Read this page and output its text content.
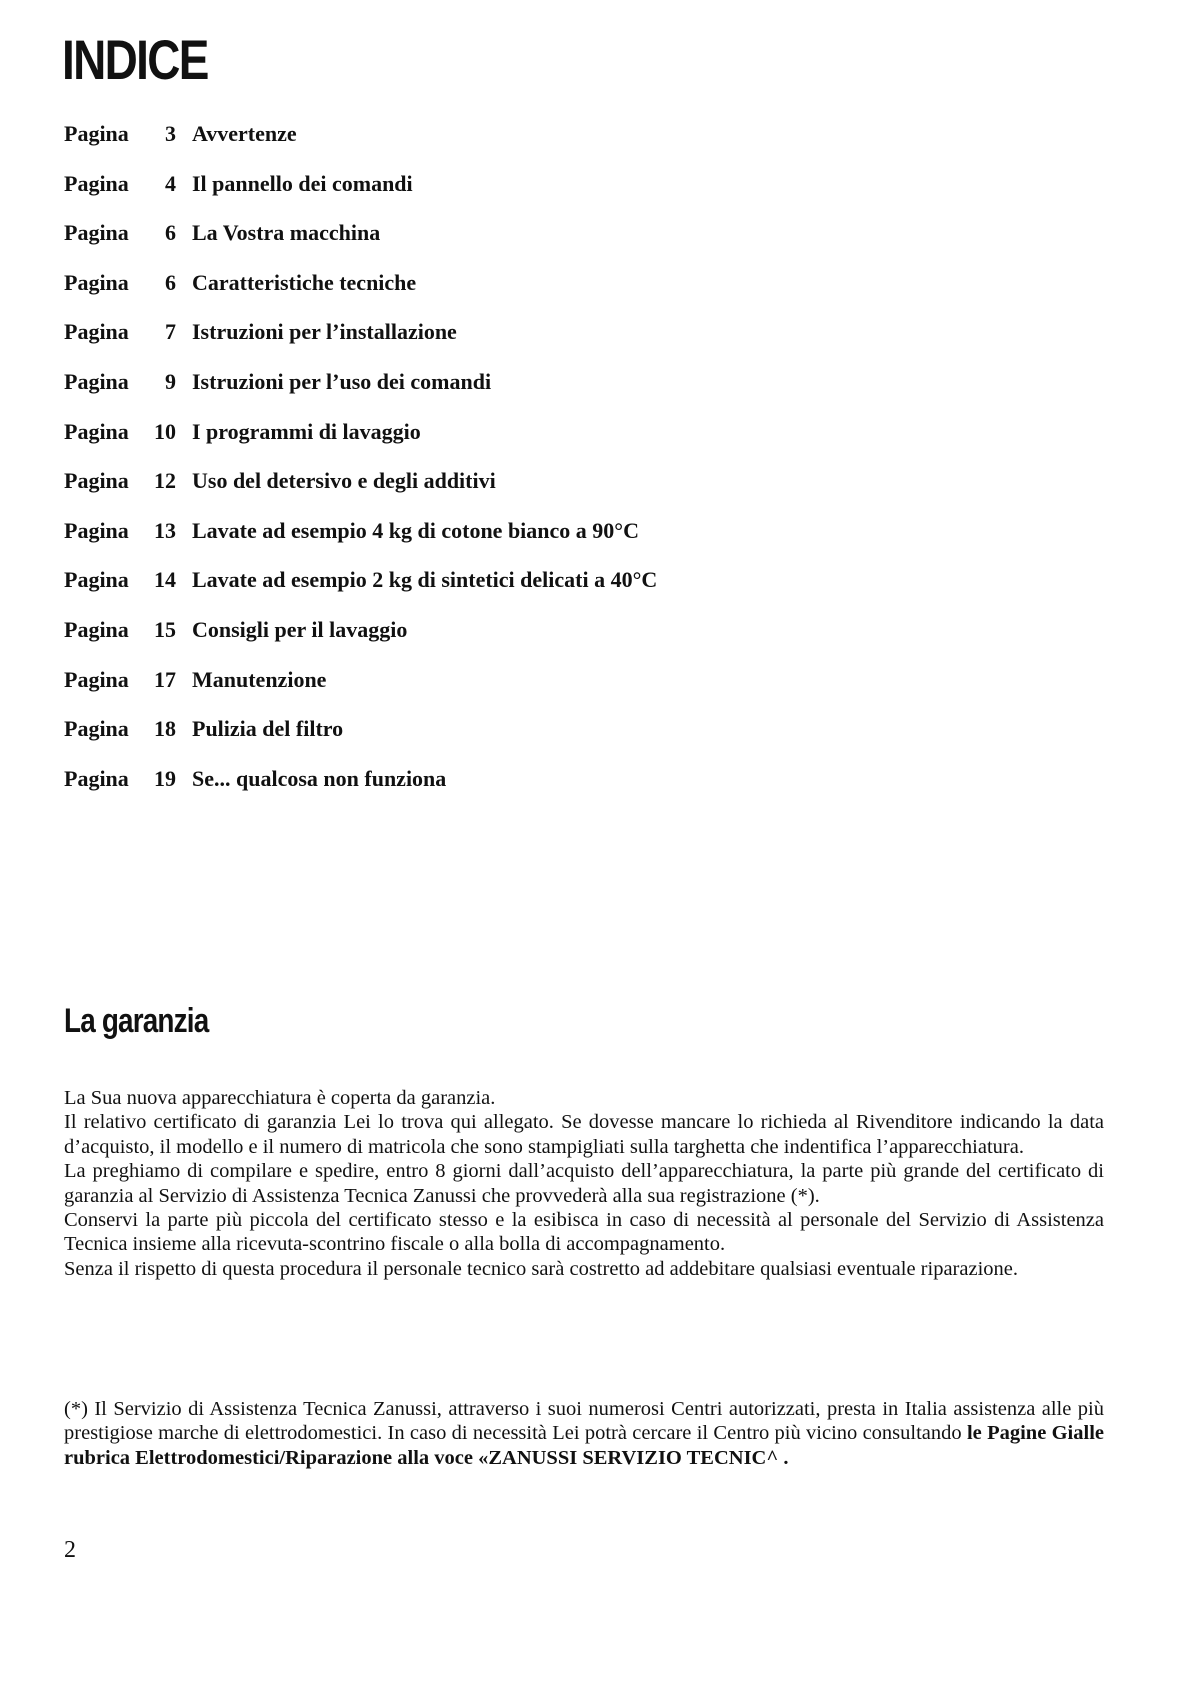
INDICE
Pagina	3 Avvertenze
Pagina	4 Il pannello dei comandi
Pagina	6 La Vostra macchina
Pagina	6 Caratteristiche tecniche
Pagina	7 Istruzioni per l’installazione
Pagina	9 Istruzioni per l’uso dei comandi
Pagina	10 I programmi di lavaggio
Pagina	12 Uso del detersivo e degli additivi
Pagina	13 Lavate ad esempio 4 kg di cotone bianco a 90°C
Pagina	14 Lavate ad esempio 2 kg di sintetici delicati a 40°C
Pagina	15 Consigli per il lavaggio
Pagina	17 Manutenzione
Pagina	18 Pulizia del filtro
Pagina	19 Se... qualcosa non funziona
La garanzia

La Sua nuova apparecchiatura è coperta da garanzia.

Il relativo certificato di garanzia Lei lo trova qui allegato. Se dovesse mancare lo richieda al Rivenditore indicando la data d’acquisto, il modello e il numero di matricola che sono stampigliati sulla targhetta che indentifica l’apparecchiatura.

La preghiamo di compilare e spedire, entro 8 giorni dall’acquisto dell’apparecchiatura, la parte più grande del certificato di garanzia al Servizio di Assistenza Tecnica Zanussi che provvederà alla sua registrazione (*).

Conservi la parte più piccola del certificato stesso e la esibisca in caso di necessità al personale del Servizio di Assistenza Tecnica insieme alla ricevuta-scontrino fiscale o alla bolla di accompagnamento.

Senza il rispetto di questa procedura il personale tecnico sarà costretto ad addebitare qualsiasi eventuale riparazione.

(*) Il Servizio di Assistenza Tecnica Zanussi, attraverso i suoi numerosi Centri autorizzati, presta in Italia assistenza alle più prestigiose marche di elettrodomestici. In caso di necessità Lei potrà cercare il Centro più vicino consultando le Pagine Gialle rubrica Elettrodomestici/Riparazione alla voce «ZANUSSI SERVIZIO TECNIC^ .

2
